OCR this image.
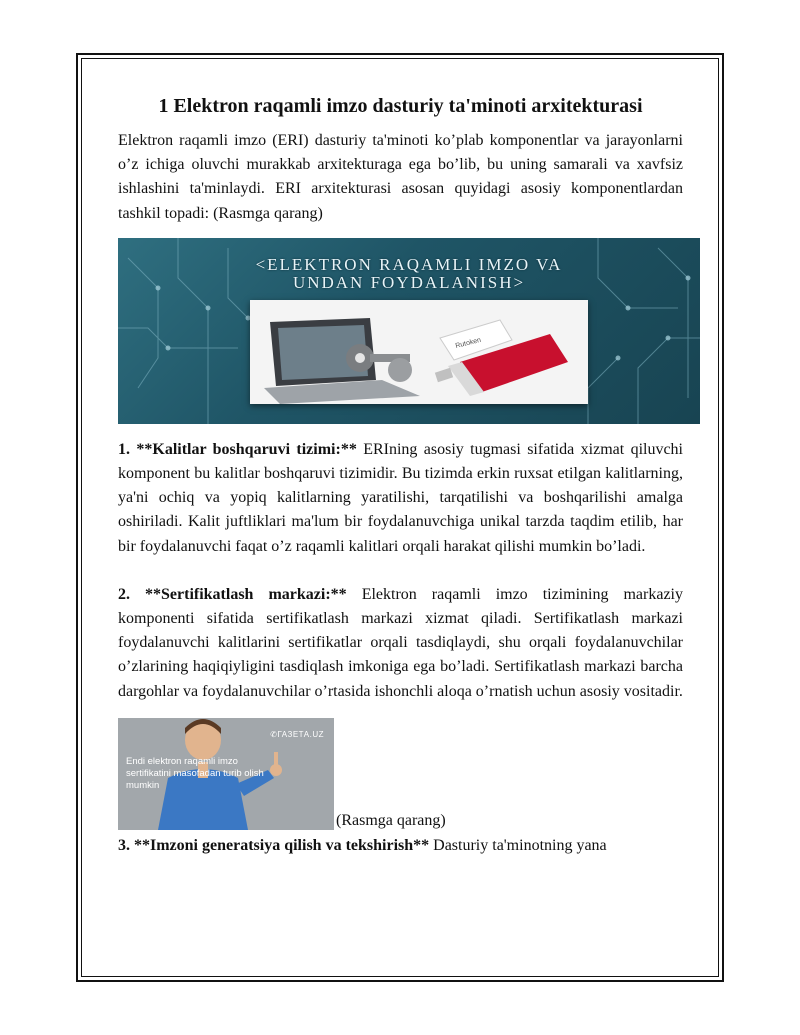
1 Elektron raqamli imzo dasturiy ta'minoti arxitekturasi

Elektron raqamli imzo (ERI) dasturiy ta'minoti ko’plab komponentlar va jarayonlarni o’z ichiga oluvchi murakkab arxitekturaga ega bo’lib, bu uning samarali va xavfsiz ishlashini ta'minlaydi. ERI arxitekturasi asosan quyidagi asosiy komponentlardan tashkil topadi: (Rasmga qarang)

<ELEKTRON RAQAMLI IMZO VA
UNDAN FOYDALANISH>
Rutoken

1. **Kalitlar boshqaruvi tizimi:** ERIning asosiy tugmasi sifatida xizmat qiluvchi komponent bu kalitlar boshqaruvi tizimidir. Bu tizimda erkin ruxsat etilgan kalitlarning, ya'ni ochiq va yopiq kalitlarning yaratilishi, tarqatilishi va boshqarilishi amalga oshiriladi. Kalit juftliklari ma'lum bir foydalanuvchiga unikal tarzda taqdim etilib, har bir foydalanuvchi faqat o’z raqamli kalitlari orqali harakat qilishi mumkin bo’ladi.

2. **Sertifikatlash markazi:** Elektron raqamli imzo tizimining markaziy komponenti sifatida sertifikatlash markazi xizmat qiladi. Sertifikatlash markazi foydalanuvchi kalitlarini sertifikatlar orqali tasdiqlaydi, shu orqali foydalanuvchilar o’zlarining haqiqiyligini tasdiqlash imkoniga ega bo’ladi. Sertifikatlash markazi barcha dargohlar va foydalanuvchilar o’rtasida ishonchli aloqa o’rnatish uchun asosiy vositadir.

✆ГАЗЕТА.UZ
Endi elektron raqamli imzo sertifikatini masofadan turib olish mumkin
(Rasmga qarang)

3. **Imzoni generatsiya qilish va tekshirish** Dasturiy ta'minotning yana
